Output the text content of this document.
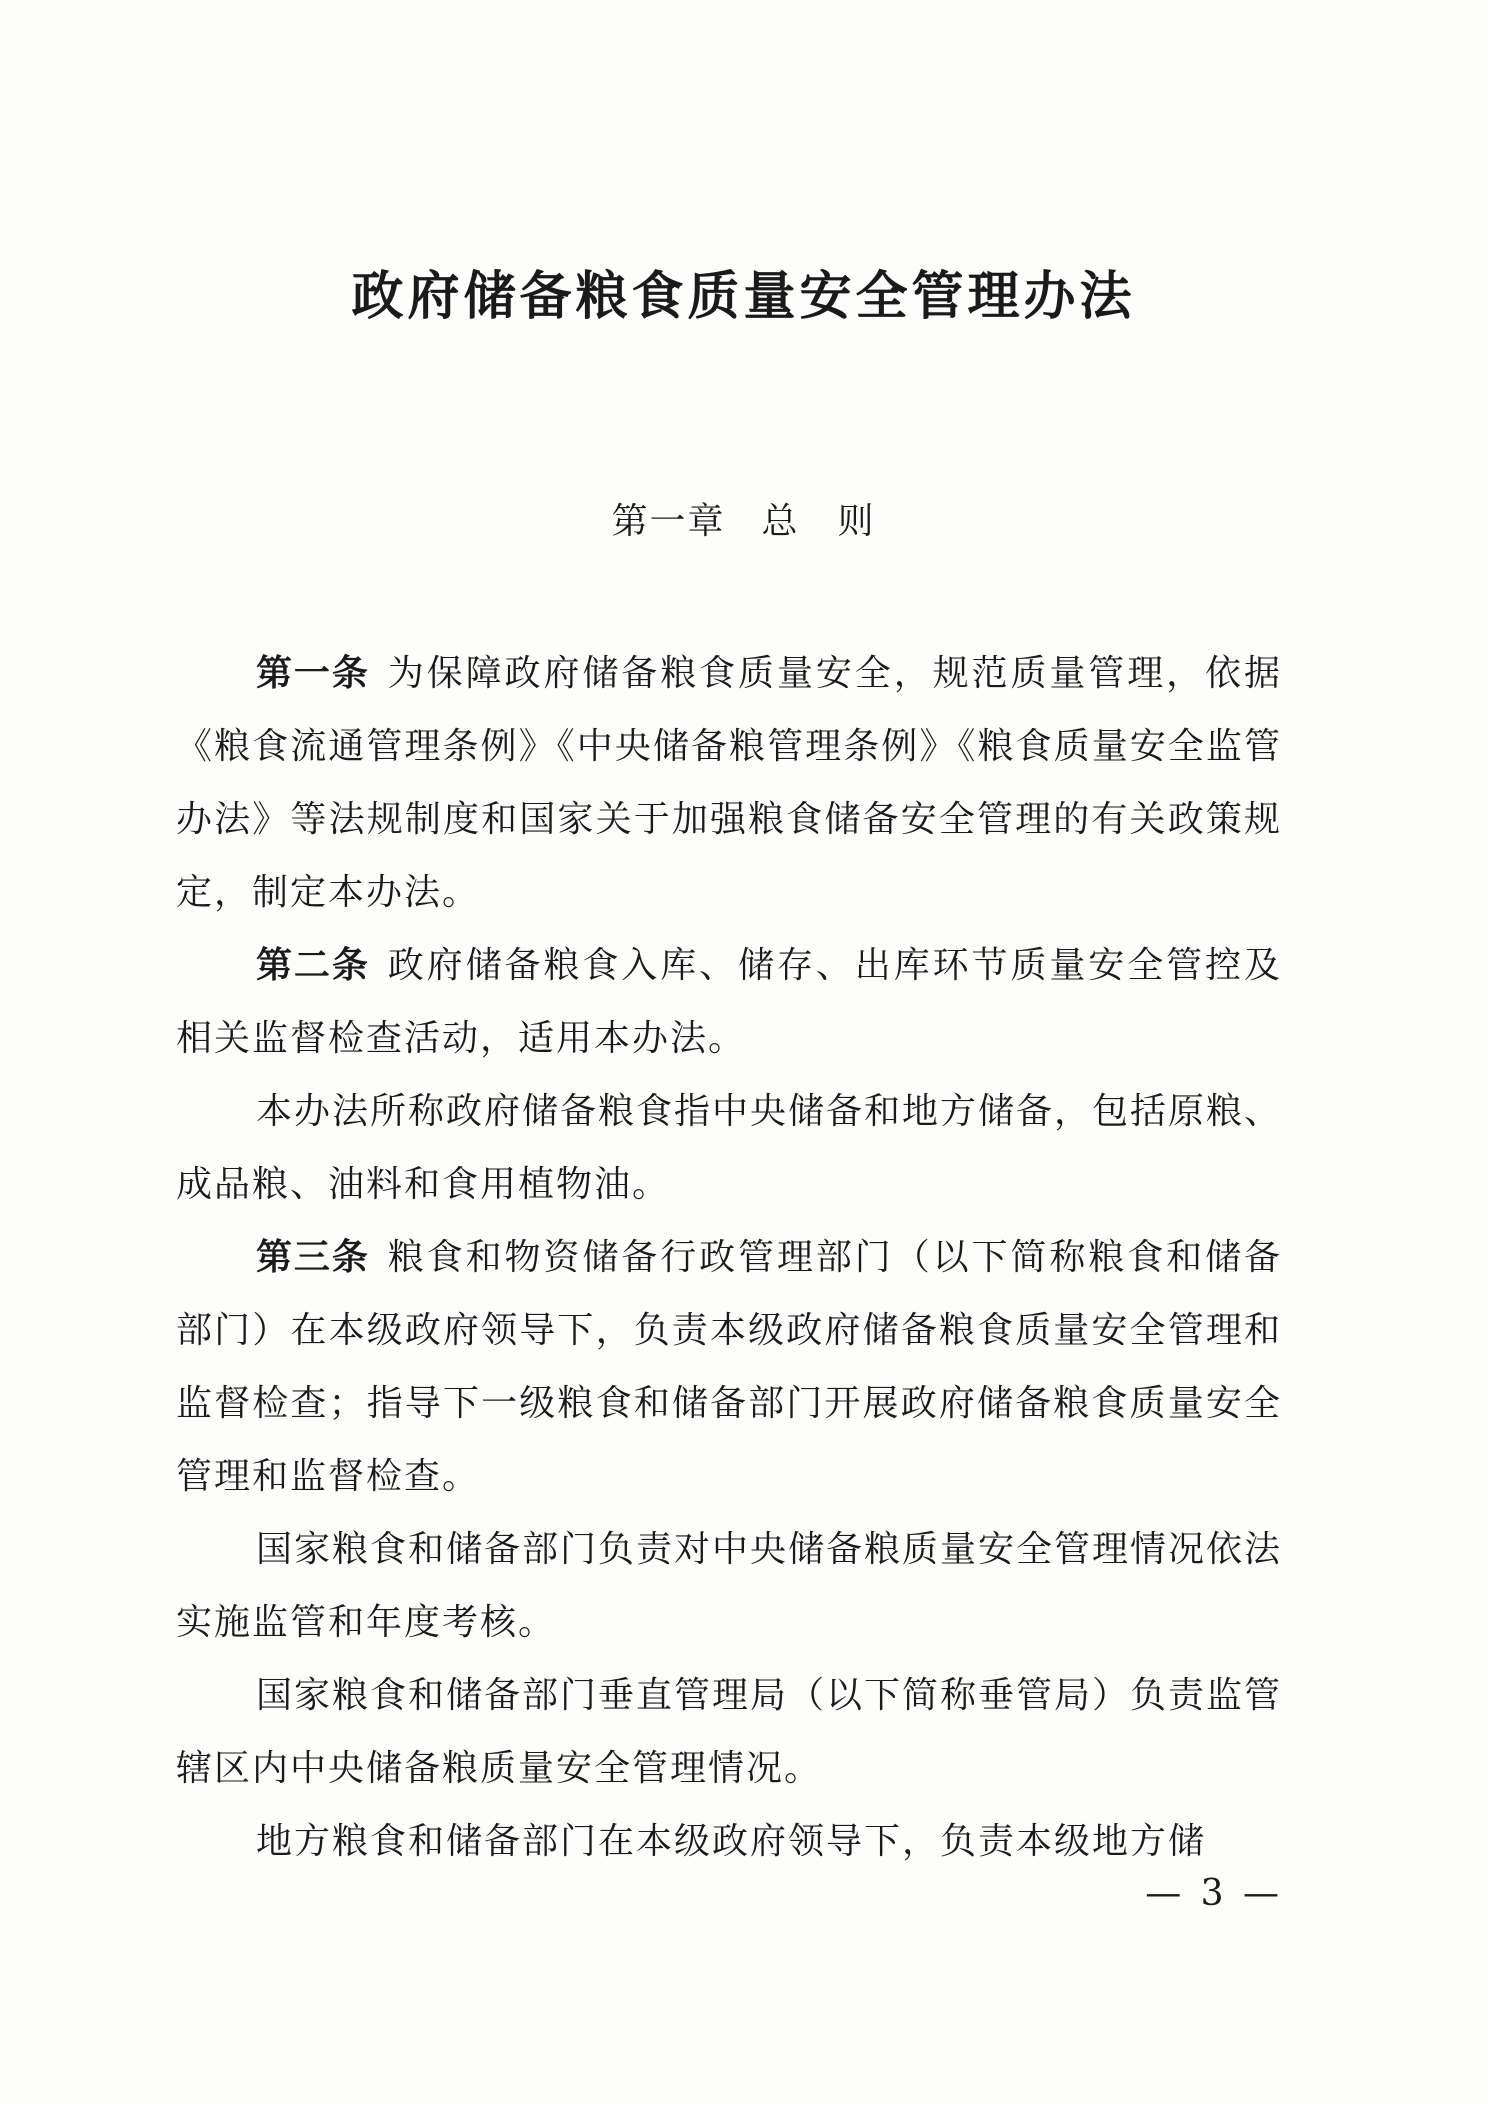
政府储备粮食质量安全管理办法
第一章 总　则

第一条 为保障政府储备粮食质量安全，规范质量管理，依据《粮食流通管理条例》《中央储备粮管理条例》《粮食质量安全监管办法》等法规制度和国家关于加强粮食储备安全管理的有关政策规定，制定本办法。

第二条 政府储备粮食入库、储存、出库环节质量安全管控及相关监督检查活动，适用本办法。

本办法所称政府储备粮食指中央储备和地方储备，包括原粮、成品粮、油料和食用植物油。

第三条 粮食和物资储备行政管理部门（以下简称粮食和储备部门）在本级政府领导下，负责本级政府储备粮食质量安全管理和监督检查；指导下一级粮食和储备部门开展政府储备粮食质量安全管理和监督检查。

国家粮食和储备部门负责对中央储备粮质量安全管理情况依法实施监管和年度考核。

国家粮食和储备部门垂直管理局（以下简称垂管局）负责监管辖区内中央储备粮质量安全管理情况。

地方粮食和储备部门在本级政府领导下，负责本级地方储

— 3 —
